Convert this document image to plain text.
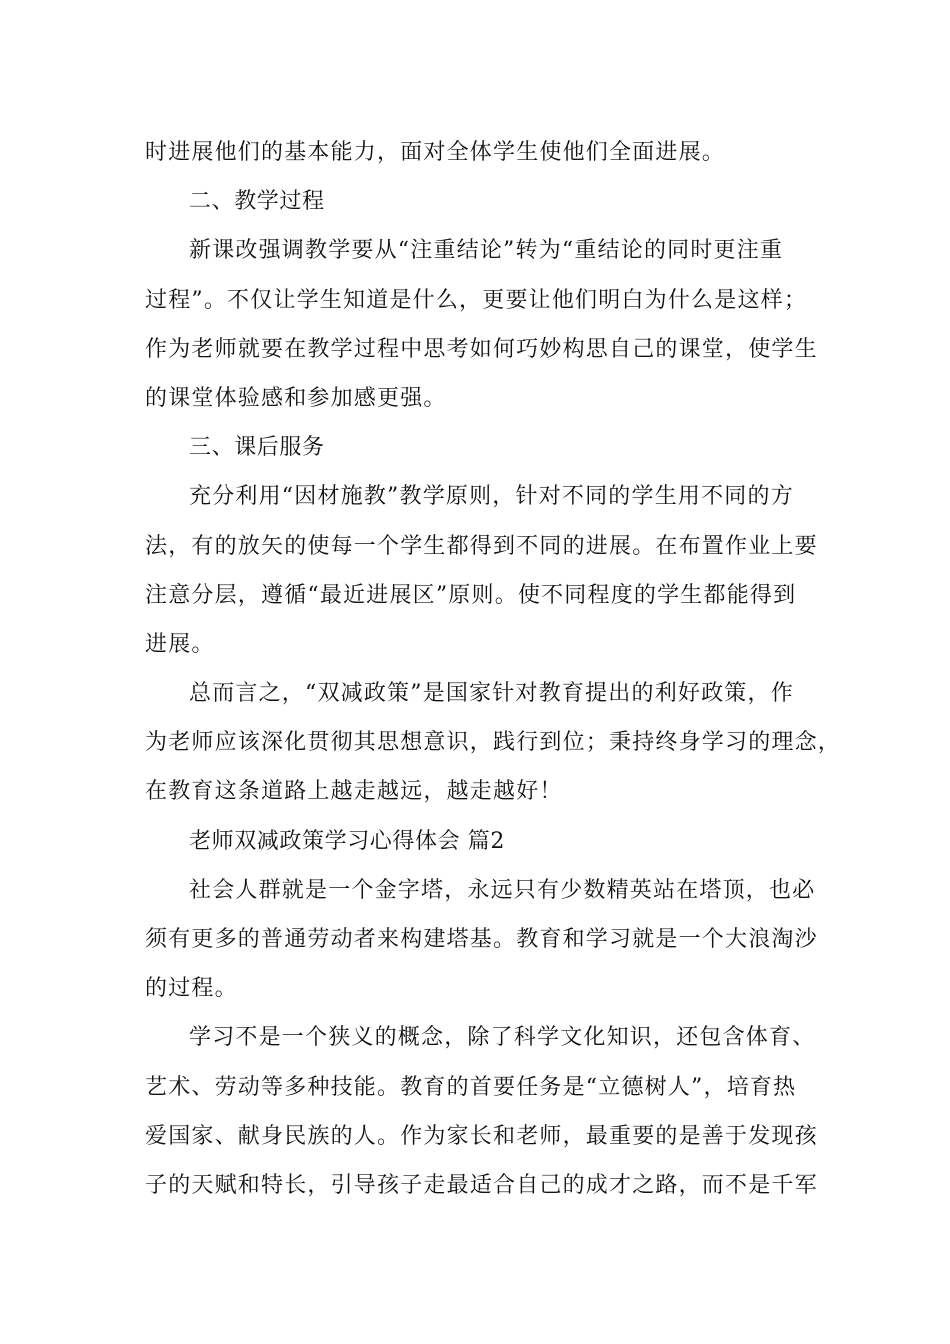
时进展他们的基本能力，面对全体学生使他们全面进展。
二、教学过程
新课改强调教学要从“注重结论”转为“重结论的同时更注重
过程”。不仅让学生知道是什么，更要让他们明白为什么是这样；
作为老师就要在教学过程中思考如何巧妙构思自己的课堂，使学生
的课堂体验感和参加感更强。
三、课后服务
充分利用“因材施教”教学原则，针对不同的学生用不同的方
法，有的放矢的使每一个学生都得到不同的进展。在布置作业上要
注意分层，遵循“最近进展区”原则。使不同程度的学生都能得到
进展。
总而言之，“双减政策”是国家针对教育提出的利好政策，作
为老师应该深化贯彻其思想意识，践行到位；秉持终身学习的理念，
在教育这条道路上越走越远，越走越好！
老师双减政策学习心得体会 篇2
社会人群就是一个金字塔，永远只有少数精英站在塔顶，也必
须有更多的普通劳动者来构建塔基。教育和学习就是一个大浪淘沙
的过程。
学习不是一个狭义的概念，除了科学文化知识，还包含体育、
艺术、劳动等多种技能。教育的首要任务是“立德树人”，培育热
爱国家、献身民族的人。作为家长和老师，最重要的是善于发现孩
子的天赋和特长，引导孩子走最适合自己的成才之路，而不是千军
